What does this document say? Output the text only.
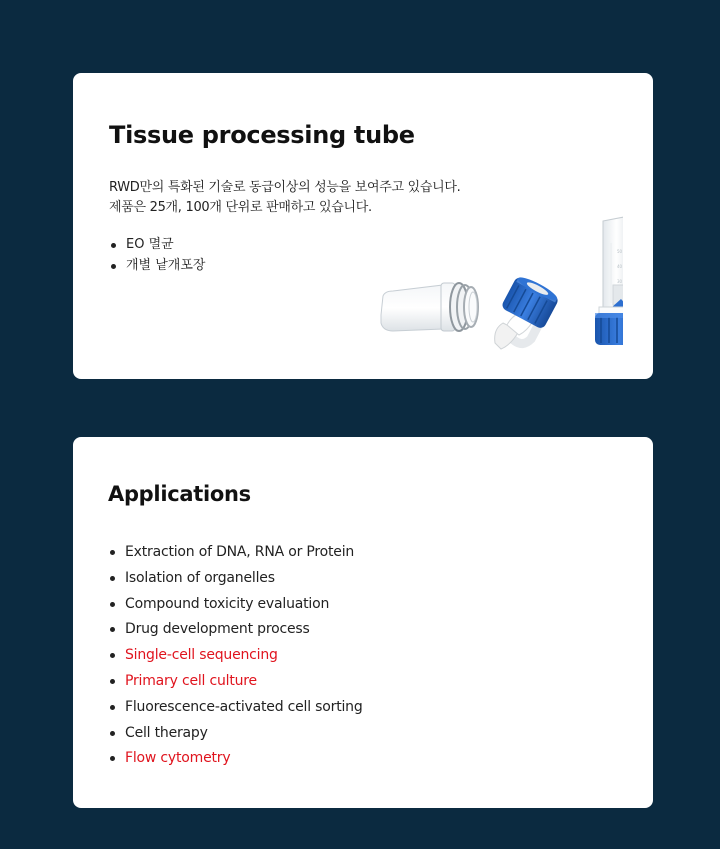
Tissue processing tube

RWD만의 특화된 기술로 동급이상의 성능을 보여주고 있습니다.
제품은 25개, 100개 단위로 판매하고 있습니다.

EO 멸균
개별 낱개포장
50
40
30
Applications
Extraction of DNA, RNA or Protein
Isolation of organelles
Compound toxicity evaluation
Drug development process
Single-cell sequencing
Primary cell culture
Fluorescence-activated cell sorting
Cell therapy
Flow cytometry
